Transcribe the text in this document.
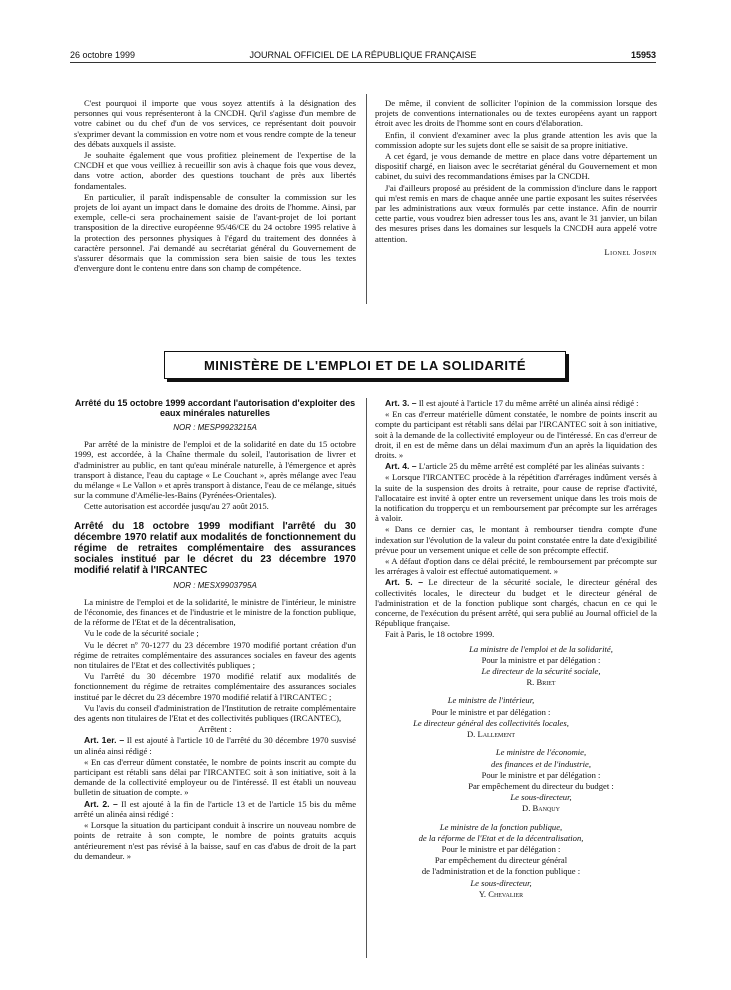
26 octobre 1999	JOURNAL OFFICIEL DE LA RÉPUBLIQUE FRANÇAISE	15953

C'est pourquoi il importe que vous soyez attentifs à la désignation des personnes qui vous représenteront à la CNCDH. Qu'il s'agisse d'un membre de votre cabinet ou du chef d'un de vos services, ce représentant doit pouvoir s'exprimer devant la commission en votre nom et vous rendre compte de la teneur des débats auxquels il assiste.

Je souhaite également que vous profitiez pleinement de l'expertise de la CNCDH et que vous veilliez à recueillir son avis à chaque fois que vous devez, dans votre action, aborder des questions touchant de près aux libertés fondamentales.

En particulier, il paraît indispensable de consulter la commission sur les projets de loi ayant un impact dans le domaine des droits de l'homme. Ainsi, par exemple, celle-ci sera prochainement saisie de l'avant-projet de loi portant transposition de la directive européenne 95/46/CE du 24 octobre 1995 relative à la protection des personnes physiques à l'égard du traitement des données à caractère personnel. J'ai demandé au secrétariat général du Gouvernement de s'assurer désormais que la commission sera bien saisie de tous les textes d'envergure dont le contenu entre dans son champ de compétence.

De même, il convient de solliciter l'opinion de la commission lorsque des projets de conventions internationales ou de textes européens ayant un rapport étroit avec les droits de l'homme sont en cours d'élaboration.

Enfin, il convient d'examiner avec la plus grande attention les avis que la commission adopte sur les sujets dont elle se saisit de sa propre initiative.

A cet égard, je vous demande de mettre en place dans votre département un dispositif chargé, en liaison avec le secrétariat général du Gouvernement et mon cabinet, du suivi des recommandations émises par la CNCDH.

J'ai d'ailleurs proposé au président de la commission d'inclure dans le rapport qui m'est remis en mars de chaque année une partie exposant les suites réservées par les administrations aux vœux formulés par cette instance. Afin de nourrir cette partie, vous voudrez bien adresser tous les ans, avant le 31 janvier, un bilan des mesures prises dans les domaines sur lesquels la CNCDH aura appelé votre attention.

Lionel Jospin
MINISTÈRE DE L'EMPLOI ET DE LA SOLIDARITÉ
Arrêté du 15 octobre 1999 accordant l'autorisation d'exploiter des eaux minérales naturelles
NOR : MESP9923215A

Par arrêté de la ministre de l'emploi et de la solidarité en date du 15 octobre 1999, est accordée, à la Chaîne thermale du soleil, l'autorisation de livrer et d'administrer au public, en tant qu'eau minérale naturelle, à l'émergence et après transport à distance, l'eau du captage « Le Couchant », après mélange avec l'eau du mélange « Le Vallon » et après transport à distance, l'eau de ce mélange, situés sur la commune d'Amélie-les-Bains (Pyrénées-Orientales).

Cette autorisation est accordée jusqu'au 27 août 2015.

Arrêté du 18 octobre 1999 modifiant l'arrêté du 30 décembre 1970 relatif aux modalités de fonctionnement du régime de retraites complémentaire des assurances sociales institué par le décret du 23 décembre 1970 modifié relatif à l'IRCANTEC
NOR : MESX9903795A

La ministre de l'emploi et de la solidarité, le ministre de l'intérieur, le ministre de l'économie, des finances et de l'industrie et le ministre de la fonction publique, de la réforme de l'Etat et de la décentralisation,

Vu le code de la sécurité sociale ;

Vu le décret nº 70-1277 du 23 décembre 1970 modifié portant création d'un régime de retraites complémentaire des assurances sociales en faveur des agents non titulaires de l'Etat et des collectivités publiques ;

Vu l'arrêté du 30 décembre 1970 modifié relatif aux modalités de fonctionnement du régime de retraites complémentaire des assurances sociales institué par le décret du 23 décembre 1970 modifié relatif à l'IRCANTEC ;

Vu l'avis du conseil d'administration de l'Institution de retraite complémentaire des agents non titulaires de l'Etat et des collectivités publiques (IRCANTEC),

Arrêtent :

Art. 1er. – Il est ajouté à l'article 10 de l'arrêté du 30 décembre 1970 susvisé un alinéa ainsi rédigé :

« En cas d'erreur dûment constatée, le nombre de points inscrit au compte du participant est rétabli sans délai par l'IRCANTEC soit à son initiative, soit à la demande de la collectivité employeur ou de l'intéressé. Il est établi un nouveau bulletin de situation de compte. »

Art. 2. – Il est ajouté à la fin de l'article 13 et de l'article 15 bis du même arrêté un alinéa ainsi rédigé :

« Lorsque la situation du participant conduit à inscrire un nouveau nombre de points de retraite à son compte, le nombre de points gratuits acquis antérieurement n'est pas révisé à la baisse, sauf en cas d'abus de droit de la part du demandeur. »

Art. 3. – Il est ajouté à l'article 17 du même arrêté un alinéa ainsi rédigé :

« En cas d'erreur matérielle dûment constatée, le nombre de points inscrit au compte du participant est rétabli sans délai par l'IRCANTEC soit à son initiative, soit à la demande de la collectivité employeur ou de l'intéressé. En cas d'erreur de droit, il en est de même dans un délai maximum d'un an après la liquidation des droits. »

Art. 4. – L'article 25 du même arrêté est complété par les alinéas suivants :

« Lorsque l'IRCANTEC procède à la répétition d'arrérages indûment versés à la suite de la suspension des droits à retraite, pour cause de reprise d'activité, l'allocataire est invité à opter entre un reversement unique dans les trois mois de la notification du tropperçu et un remboursement par précompte sur les arrérages à valoir.

« Dans ce dernier cas, le montant à rembourser tiendra compte d'une indexation sur l'évolution de la valeur du point constatée entre la date d'exigibilité prévue pour un versement unique et celle de son précompte effectif.

« A défaut d'option dans ce délai précité, le remboursement par précompte sur les arrérages à valoir est effectué automatiquement. »

Art. 5. – Le directeur de la sécurité sociale, le directeur général des collectivités locales, le directeur du budget et le directeur général de l'administration et de la fonction publique sont chargés, chacun en ce qui le concerne, de l'exécution du présent arrêté, qui sera publié au Journal officiel de la République française.

Fait à Paris, le 18 octobre 1999.

La ministre de l'emploi et de la solidarité,

Pour la ministre et par délégation :

Le directeur de la sécurité sociale,

R. Briet

Le ministre de l'intérieur,

Pour le ministre et par délégation :

Le directeur général des collectivités locales,

D. Lallement

Le ministre de l'économie,

des finances et de l'industrie,

Pour le ministre et par délégation :

Par empêchement du directeur du budget :

Le sous-directeur,

D. Banquy

Le ministre de la fonction publique,

de la réforme de l'Etat et de la décentralisation,

Pour le ministre et par délégation :

Par empêchement du directeur général

de l'administration et de la fonction publique :

Le sous-directeur,

Y. Chevalier
